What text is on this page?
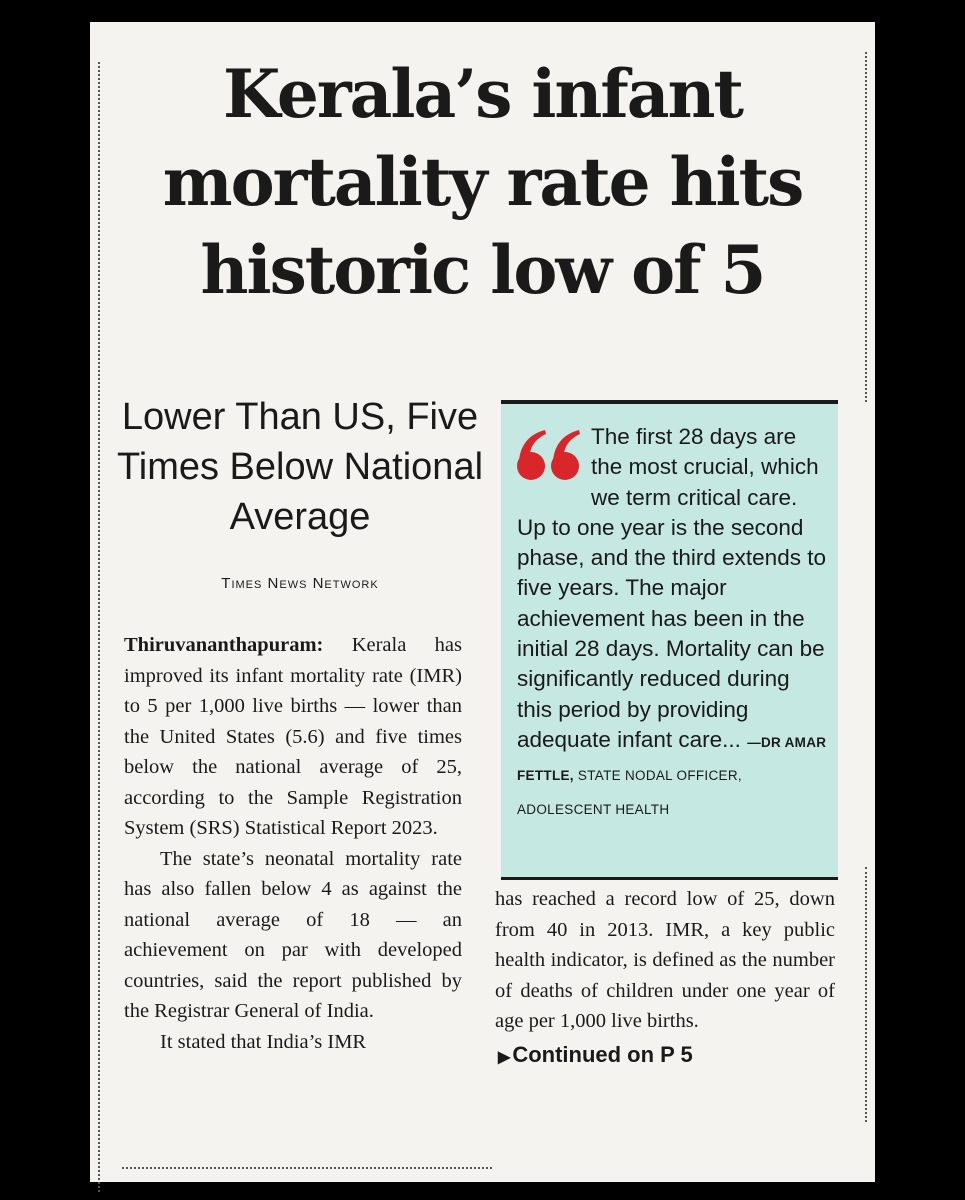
Kerala’s infant mortality rate hits historic low of 5
Lower Than US, Five Times Below National Average
Times News Network

Thiruvananthapuram: Kerala has improved its infant mortality rate (IMR) to 5 per 1,000 live births — lower than the United States (5.6) and five times below the national average of 25, according to the Sample Registration System (SRS) Statistical Report 2023.

The state’s neonatal mortality rate has also fallen below 4 as against the national average of 18 — an achievement on par with developed countries, said the report published by the Registrar General of India.

It stated that India’s IMR

The first 28 days are the most crucial, which we term critical care. Up to one year is the second phase, and the third extends to five years. The major achievement has been in the initial 28 days. Mortality can be significantly reduced during this period by providing adequate infant care... —DR AMAR FETTLE, STATE NODAL OFFICER, ADOLESCENT HEALTH

has reached a record low of 25, down from 40 in 2013. IMR, a key public health indicator, is defined as the number of deaths of children under one year of age per 1,000 live births.

▶Continued on P 5
